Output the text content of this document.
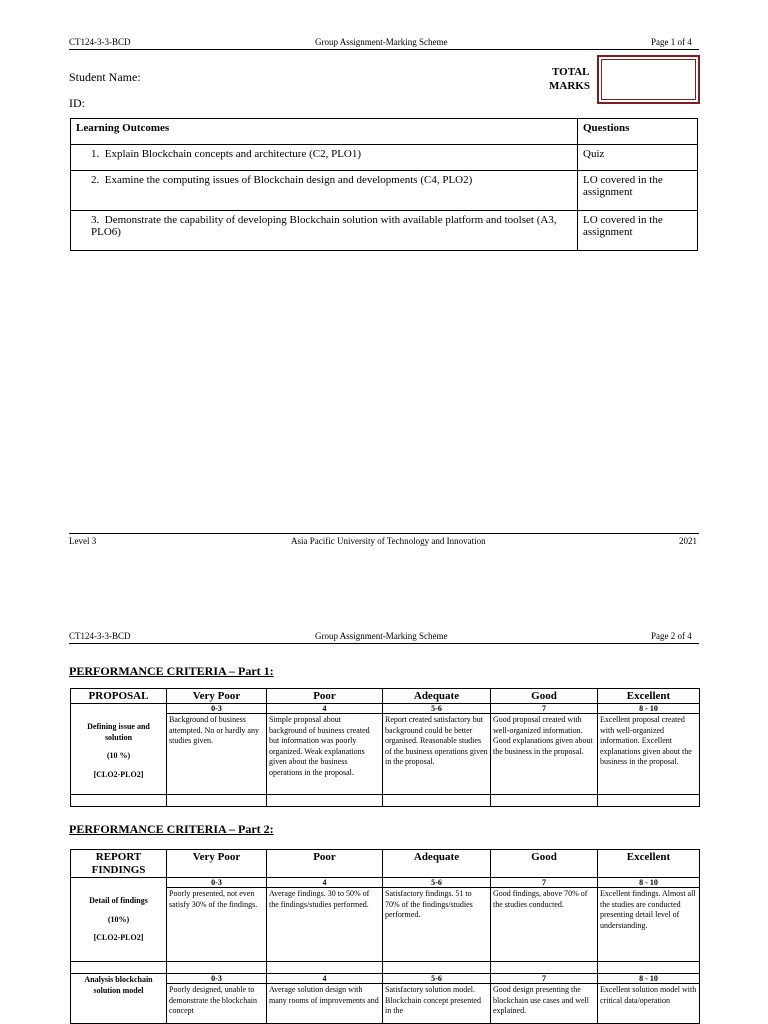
CT124-3-3-BCD	Group Assignment-Marking Scheme	Page 1 of 4
Student Name:
ID:
TOTAL
MARKS
Learning Outcomes	Questions
1. Explain Blockchain concepts and architecture (C2, PLO1)	Quiz
2. Examine the computing issues of Blockchain design and developments (C4, PLO2)	LO covered in the assignment
3. Demonstrate the capability of developing Blockchain solution with available platform and toolset (A3, PLO6)	LO covered in the assignment
Level 3	Asia Pacific University of Technology and Innovation	2021
CT124-3-3-BCD	Group Assignment-Marking Scheme	Page 2 of 4
PERFORMANCE CRITERIA – Part 1:
PROPOSAL	Very Poor	Poor	Adequate	Good	Excellent

Defining issue and solution
(10 %)
[CLO2-PLO2]	0-3	4	5-6	7	8 - 10
	Background of business attempted. No or hardly any studies given.	Simple proposal about background of business created but information was poorly organized. Weak explanations given about the business operations in the proposal.	Report created satisfactory but background could be better organised. Reasonable studies of the business operations given in the proposal.	Good proposal created with well-organized information. Good explanations given about the business in the proposal.	Excellent proposal created with well-organized information. Excellent explanations given about the business in the proposal.

PERFORMANCE CRITERIA – Part 2:
REPORT FINDINGS	Very Poor	Poor	Adequate	Good	Excellent

Detail of findings
(10%)
[CLO2-PLO2]	0-3	4	5-6	7	8 - 10
	Poorly presented, not even satisfy 30% of the findings.	Average findings. 30 to 50% of the findings/studies performed.	Satisfactory findings. 51 to 70% of the findings/studies performed.	Good findings, above 70% of the studies conducted.	Excellent findings. Almost all the studies are conducted presenting detail level of understanding.

Analysis blockchain solution model	0-3	4	5-6	7	8 - 10
	Poorly designed, unable to demonstrate the blockchain concept	Average solution design with many rooms of improvements and	Satisfactory solution model. Blockchain concept presented in the	Good design presenting the blockchain use cases and well explained.	Excellent solution model with critical data/operation
